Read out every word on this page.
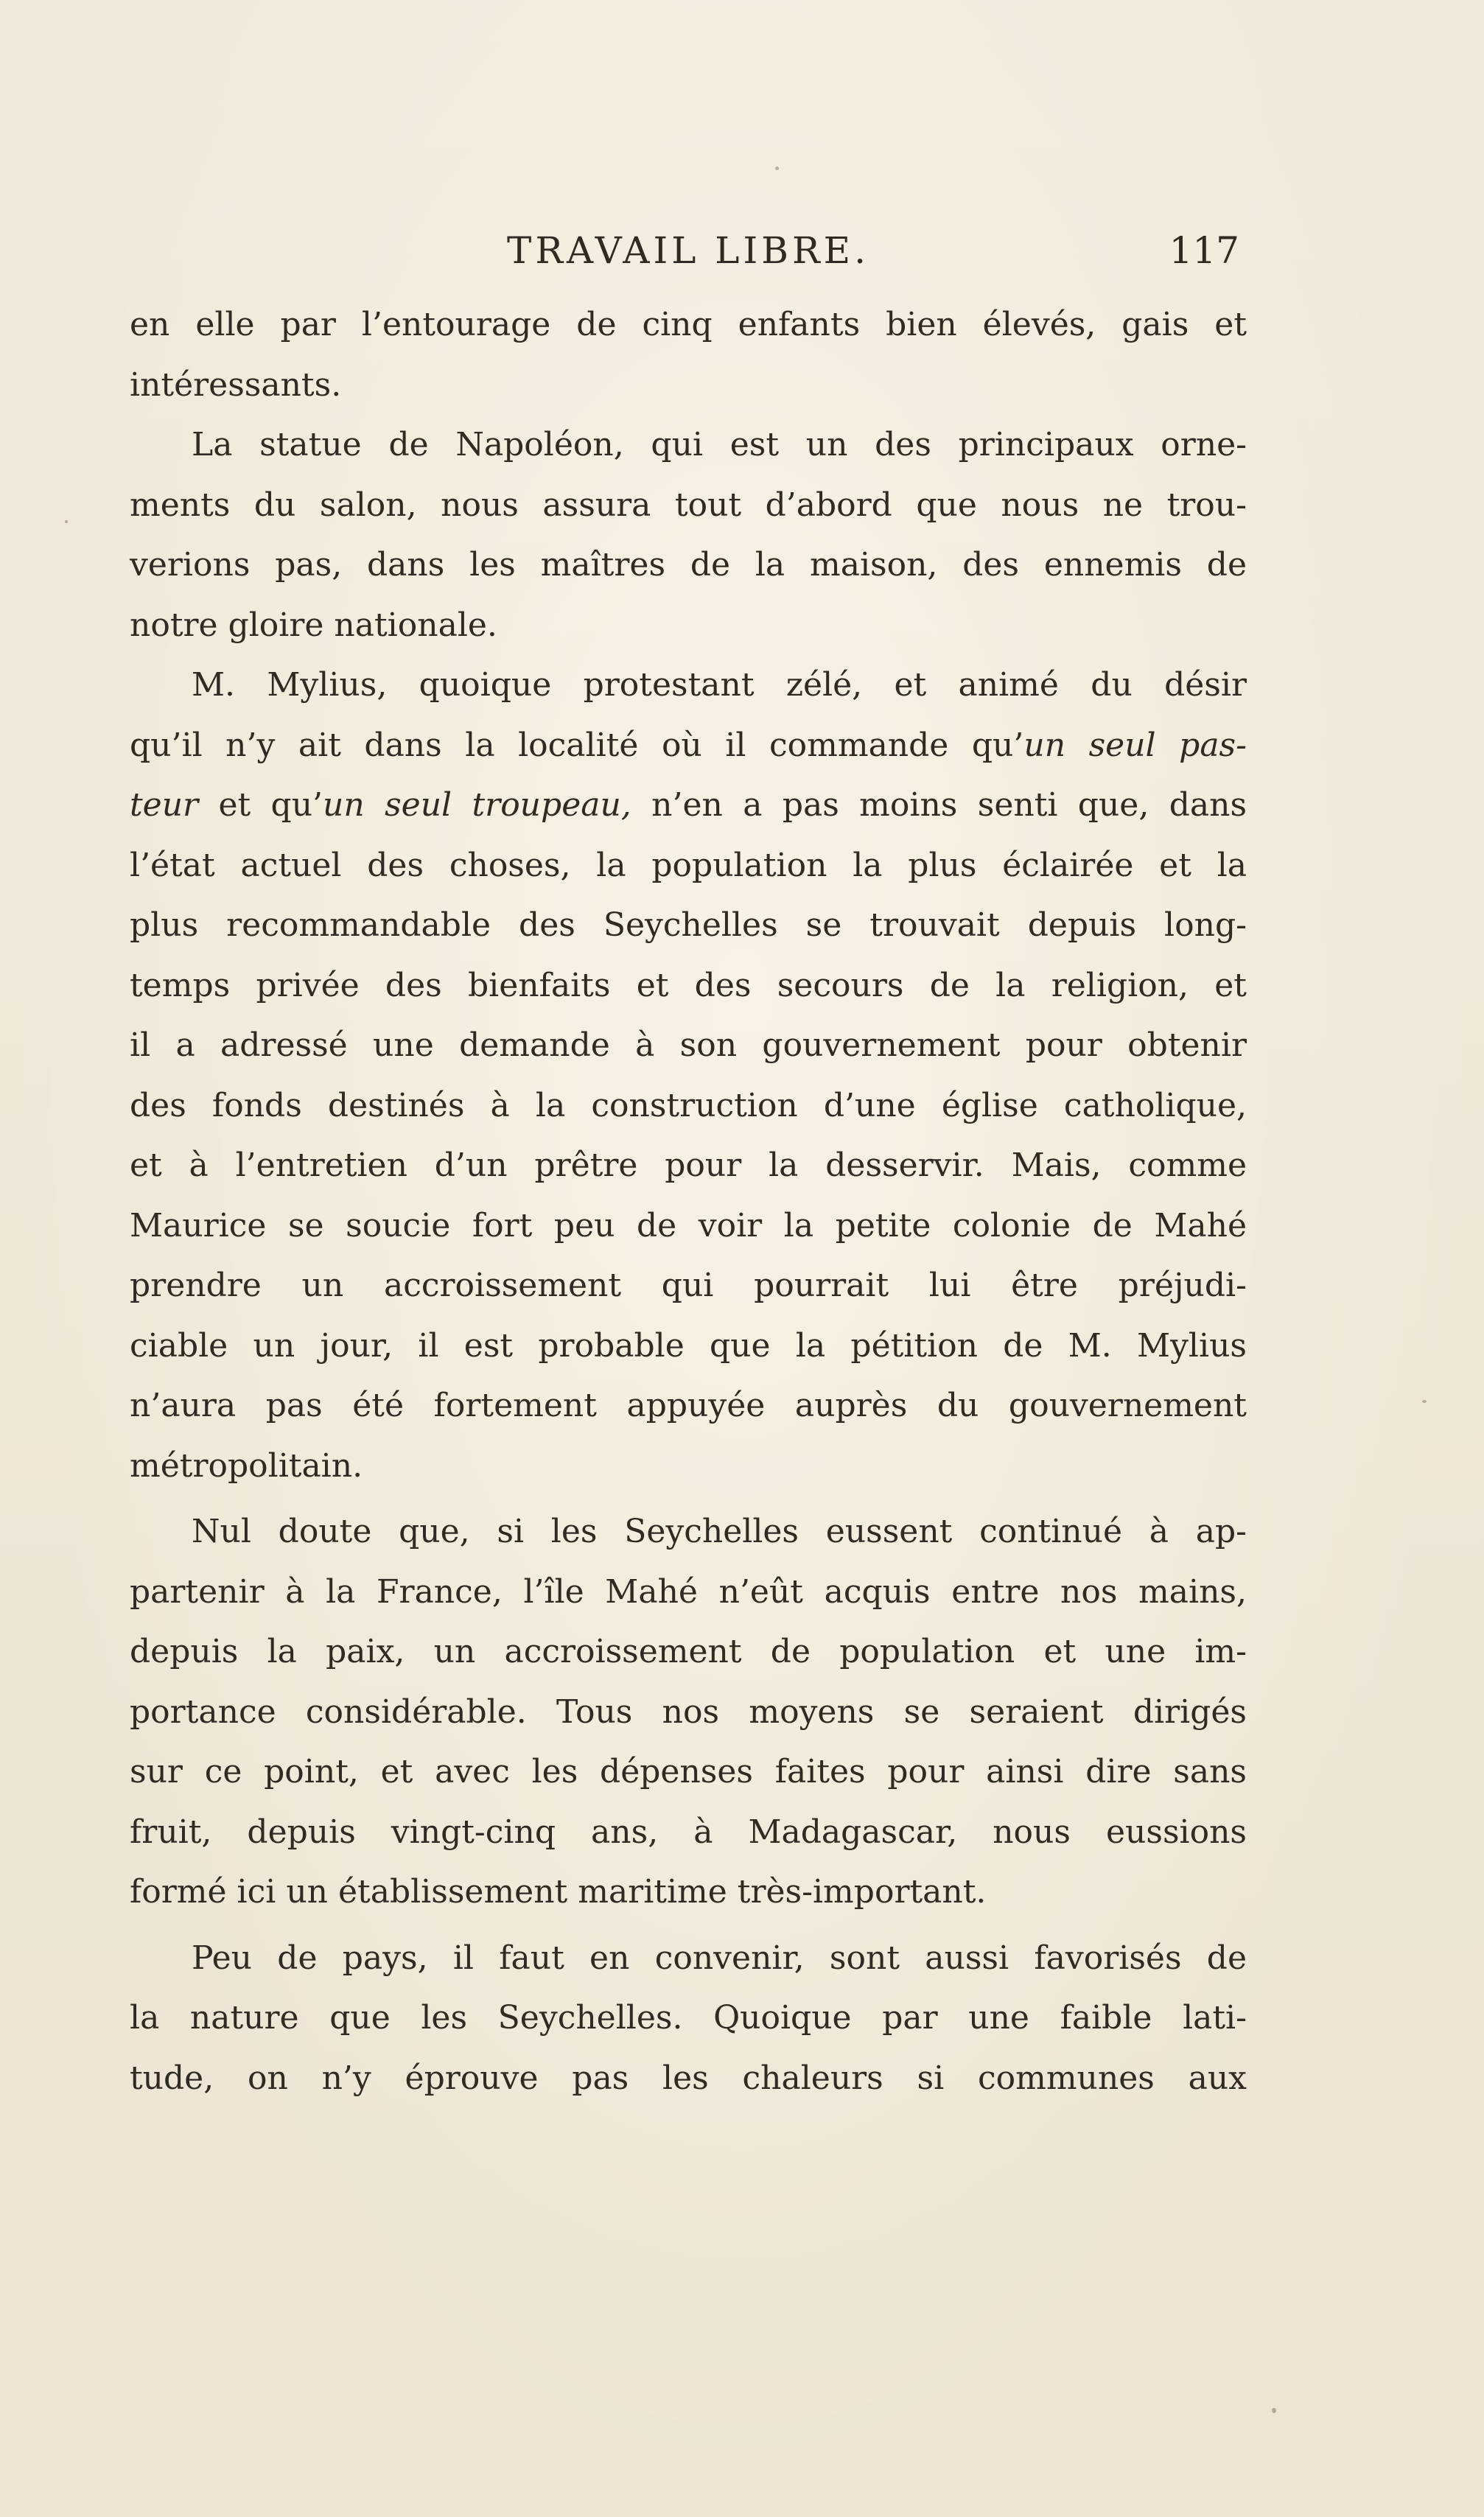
TRAVAIL LIBRE.	117
en elle par l’entourage de cinq enfants bien élevés, gais et
intéressants.
La statue de Napoléon, qui est un des principaux orne-
ments du salon, nous assura tout d’abord que nous ne trou-
verions pas, dans les maîtres de la maison, des ennemis de
notre gloire nationale.
M. Mylius, quoique protestant zélé, et animé du désir
qu’il n’y ait dans la localité où il commande qu’un seul pas-
teur et qu’un seul troupeau, n’en a pas moins senti que, dans
l’état actuel des choses, la population la plus éclairée et la
plus recommandable des Seychelles se trouvait depuis long-
temps privée des bienfaits et des secours de la religion, et
il a adressé une demande à son gouvernement pour obtenir
des fonds destinés à la construction d’une église catholique,
et à l’entretien d’un prêtre pour la desservir. Mais, comme
Maurice se soucie fort peu de voir la petite colonie de Mahé
prendre un accroissement qui pourrait lui être préjudi-
ciable un jour, il est probable que la pétition de M. Mylius
n’aura pas été fortement appuyée auprès du gouvernement
métropolitain.
Nul doute que, si les Seychelles eussent continué à ap-
partenir à la France, l’île Mahé n’eût acquis entre nos mains,
depuis la paix, un accroissement de population et une im-
portance considérable. Tous nos moyens se seraient dirigés
sur ce point, et avec les dépenses faites pour ainsi dire sans
fruit, depuis vingt-cinq ans, à Madagascar, nous eussions
formé ici un établissement maritime très-important.
Peu de pays, il faut en convenir, sont aussi favorisés de
la nature que les Seychelles. Quoique par une faible lati-
tude, on n’y éprouve pas les chaleurs si communes aux
